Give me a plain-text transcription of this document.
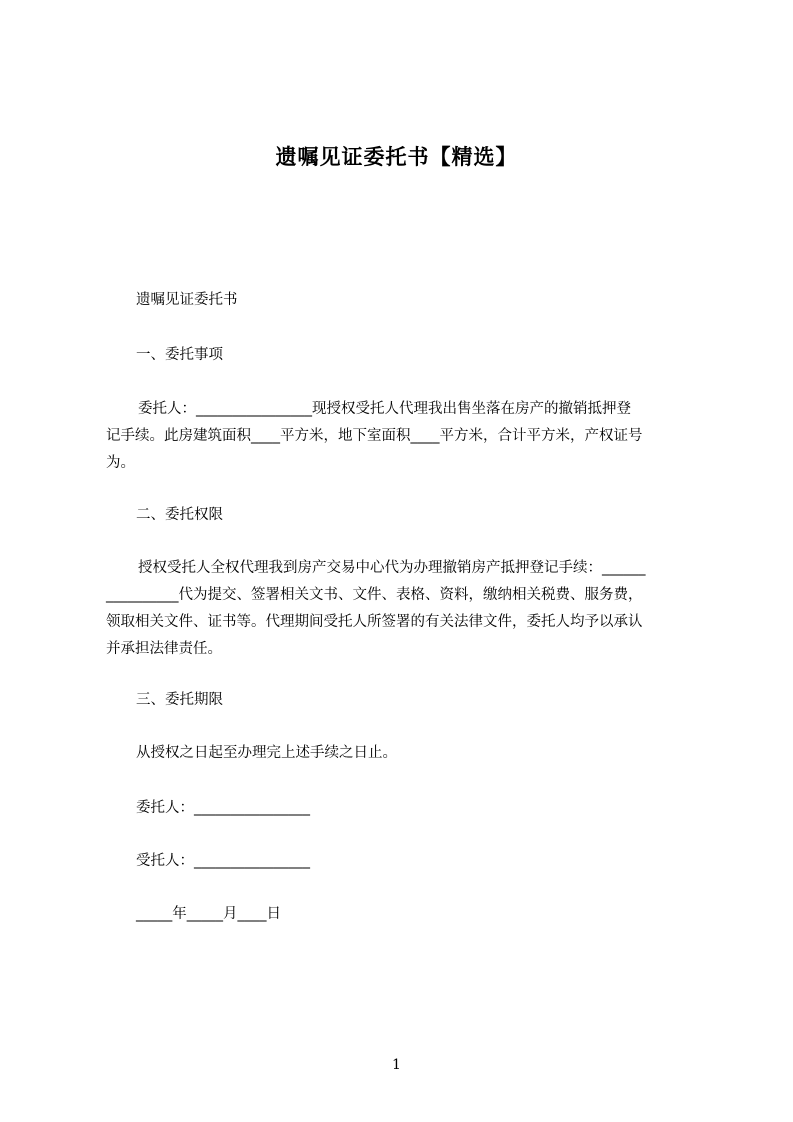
遗嘱见证委托书【精选】
遗嘱见证委托书
一、委托事项
委托人：________________现授权受托人代理我出售坐落在房产的撤销抵押登
记手续。此房建筑面积____平方米，地下室面积____平方米，合计平方米，产权证号
为。
二、委托权限
授权受托人全权代理我到房产交易中心代为办理撤销房产抵押登记手续：______
__________代为提交、签署相关文书、文件、表格、资料，缴纳相关税费、服务费，
领取相关文件、证书等。代理期间受托人所签署的有关法律文件，委托人均予以承认
并承担法律责任。
三、委托期限
从授权之日起至办理完上述手续之日止。
委托人：________________
受托人：________________
_____年_____月____日
1
